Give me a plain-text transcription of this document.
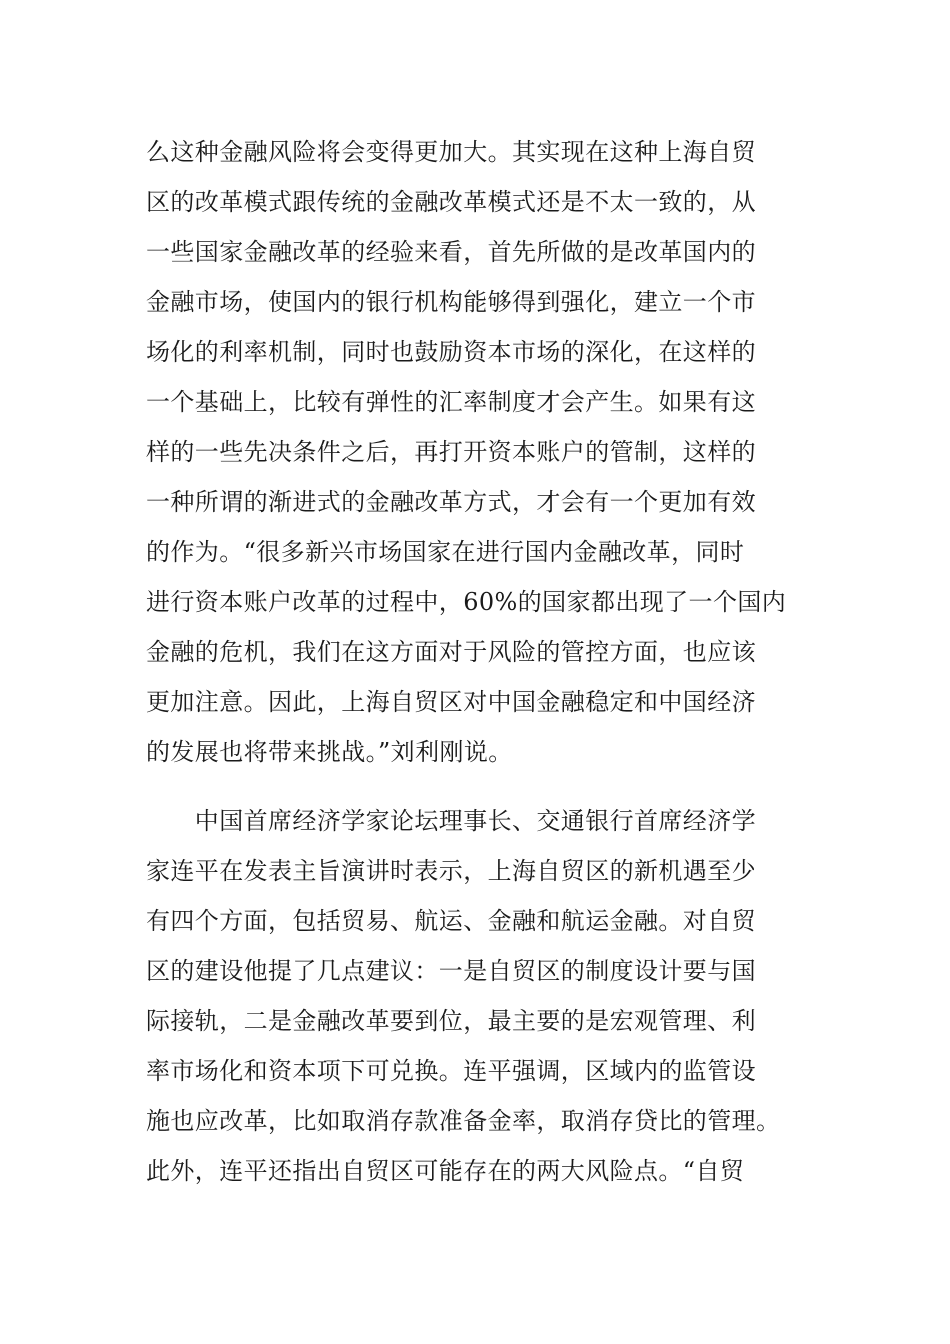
么这种金融风险将会变得更加大。其实现在这种上海自贸
区的改革模式跟传统的金融改革模式还是不太一致的，从
一些国家金融改革的经验来看，首先所做的是改革国内的
金融市场，使国内的银行机构能够得到强化，建立一个市
场化的利率机制，同时也鼓励资本市场的深化，在这样的
一个基础上，比较有弹性的汇率制度才会产生。如果有这
样的一些先决条件之后，再打开资本账户的管制，这样的
一种所谓的渐进式的金融改革方式，才会有一个更加有效
的作为。“很多新兴市场国家在进行国内金融改革，同时
进行资本账户改革的过程中，60%的国家都出现了一个国内
金融的危机，我们在这方面对于风险的管控方面，也应该
更加注意。因此，上海自贸区对中国金融稳定和中国经济
的发展也将带来挑战。”刘利刚说。
　　中国首席经济学家论坛理事长、交通银行首席经济学
家连平在发表主旨演讲时表示，上海自贸区的新机遇至少
有四个方面，包括贸易、航运、金融和航运金融。对自贸
区的建设他提了几点建议：一是自贸区的制度设计要与国
际接轨，二是金融改革要到位，最主要的是宏观管理、利
率市场化和资本项下可兑换。连平强调，区域内的监管设
施也应改革，比如取消存款准备金率，取消存贷比的管理。
此外，连平还指出自贸区可能存在的两大风险点。“自贸
